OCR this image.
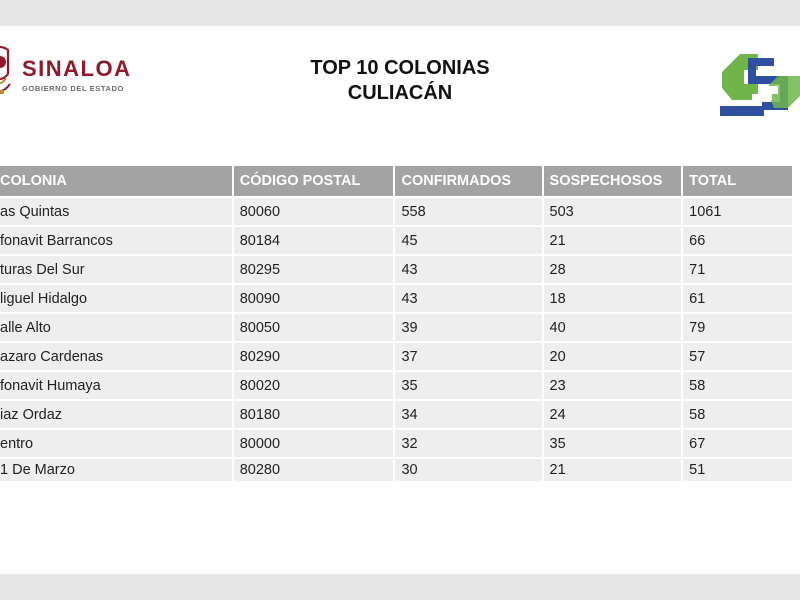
SINALOA
GOBIERNO DEL ESTADO
TOP 10 COLONIAS
CULIACÁN
COLONIA	CÓDIGO POSTAL	CONFIRMADOS	SOSPECHOSOS	TOTAL
as Quintas	80060	558	503	1061
fonavit Barrancos	80184	45	21	66
turas Del Sur	80295	43	28	71
liguel Hidalgo	80090	43	18	61
alle Alto	80050	39	40	79
azaro Cardenas	80290	37	20	57
fonavit Humaya	80020	35	23	58
iaz Ordaz	80180	34	24	58
entro	80000	32	35	67
1 De Marzo	80280	30	21	51
